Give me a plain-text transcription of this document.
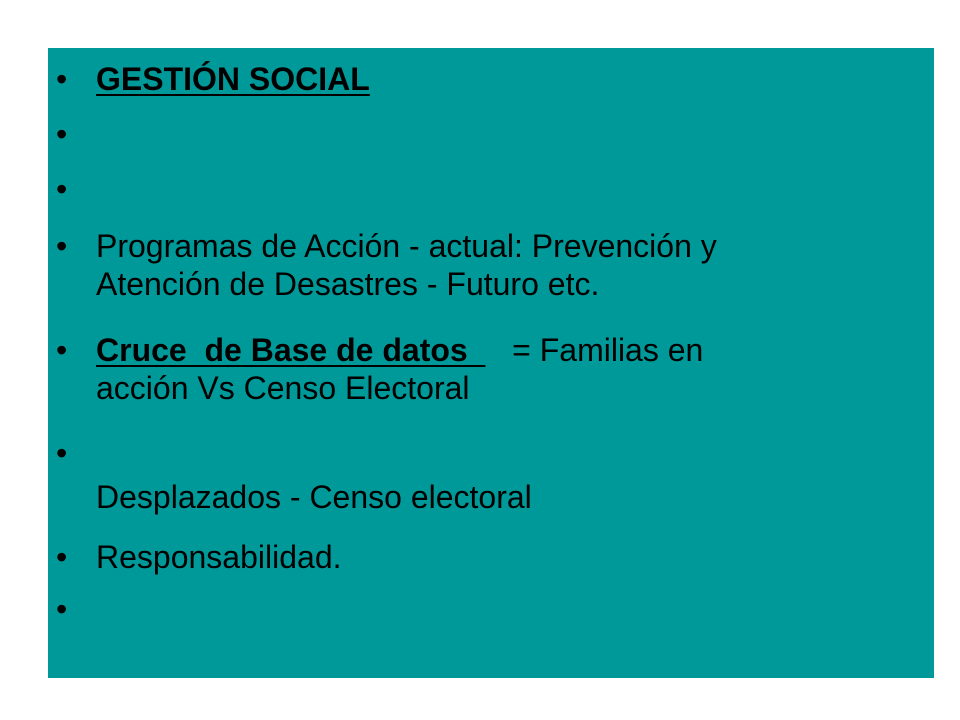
• GESTIÓN SOCIAL
•
•
• Programas de Acción - actual: Prevención y
Atención de Desastres - Futuro etc.
• Cruce  de Base de datos     = Familias en
acción Vs Censo Electoral
•
Desplazados - Censo electoral
• Responsabilidad.
•
